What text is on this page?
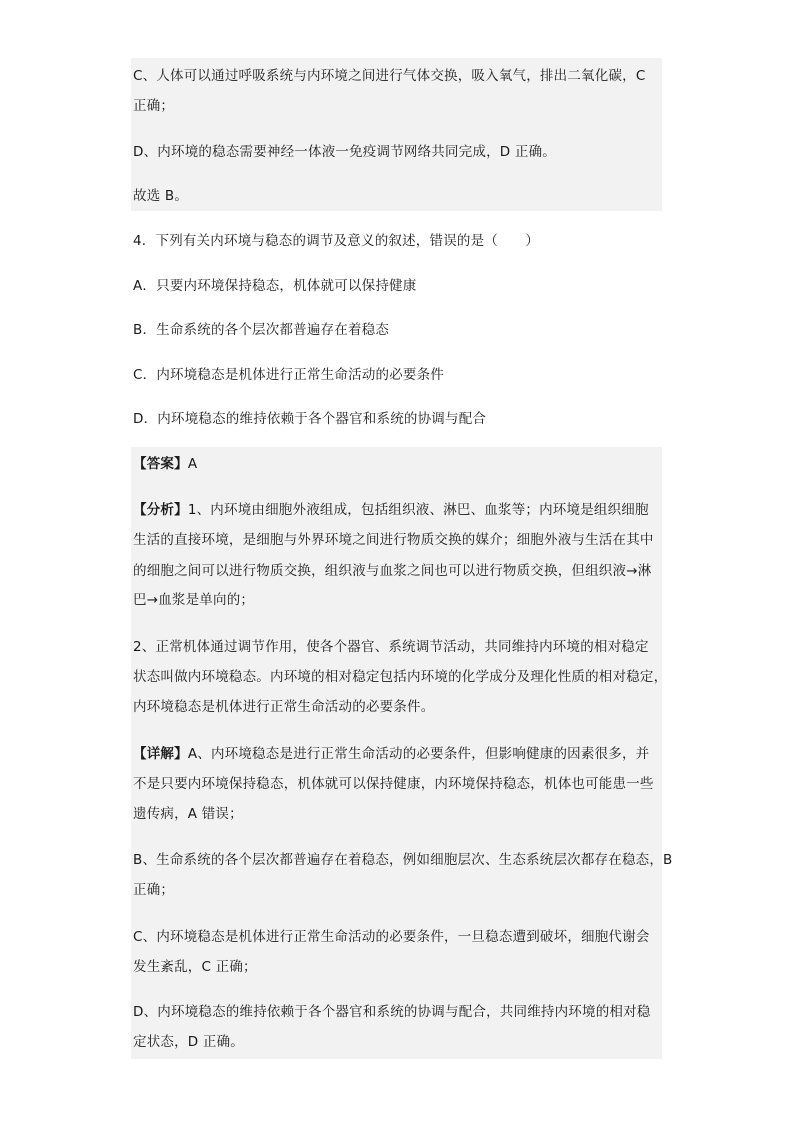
C、人体可以通过呼吸系统与内环境之间进行气体交换，吸入氧气，排出二氧化碳，C
正确；
D、内环境的稳态需要神经一体液一免疫调节网络共同完成，D 正确。
故选 B。
4．下列有关内环境与稳态的调节及意义的叙述，错误的是（　　）
A．只要内环境保持稳态，机体就可以保持健康
B．生命系统的各个层次都普遍存在着稳态
C．内环境稳态是机体进行正常生命活动的必要条件
D．内环境稳态的维持依赖于各个器官和系统的协调与配合
【答案】A
【分析】1、内环境由细胞外液组成，包括组织液、淋巴、血浆等；内环境是组织细胞
生活的直接环境，是细胞与外界环境之间进行物质交换的媒介；细胞外液与生活在其中
的细胞之间可以进行物质交换，组织液与血浆之间也可以进行物质交换，但组织液→淋
巴→血浆是单向的；
2、正常机体通过调节作用，使各个器官、系统调节活动，共同维持内环境的相对稳定
状态叫做内环境稳态。内环境的相对稳定包括内环境的化学成分及理化性质的相对稳定，
内环境稳态是机体进行正常生命活动的必要条件。
【详解】A、内环境稳态是进行正常生命活动的必要条件，但影响健康的因素很多，并
不是只要内环境保持稳态，机体就可以保持健康，内环境保持稳态，机体也可能患一些
遗传病，A 错误；
B、生命系统的各个层次都普遍存在着稳态，例如细胞层次、生态系统层次都存在稳态，B
正确；
C、内环境稳态是机体进行正常生命活动的必要条件，一旦稳态遭到破坏，细胞代谢会
发生紊乱，C 正确；
D、内环境稳态的维持依赖于各个器官和系统的协调与配合，共同维持内环境的相对稳
定状态，D 正确。
